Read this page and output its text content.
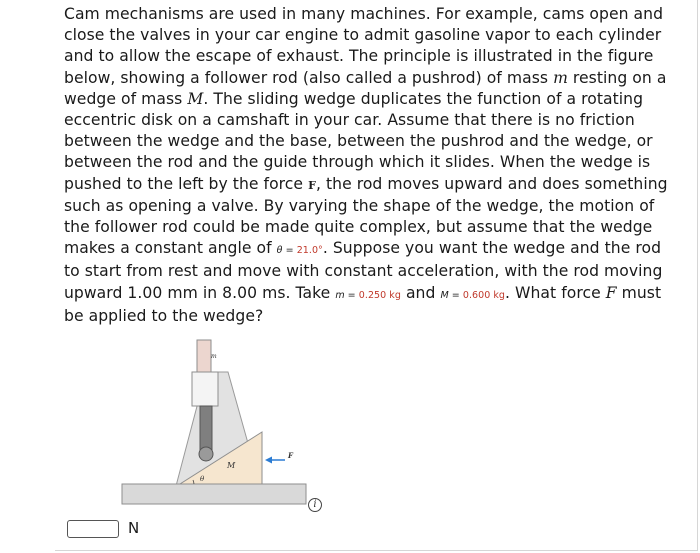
Cam mechanisms are used in many machines. For example, cams open and close the valves in your car engine to admit gasoline vapor to each cylinder and to allow the escape of exhaust. The principle is illustrated in the figure below, showing a follower rod (also called a pushrod) of mass m resting on a wedge of mass M. The sliding wedge duplicates the function of a rotating eccentric disk on a camshaft in your car. Assume that there is no friction between the wedge and the base, between the pushrod and the wedge, or between the rod and the guide through which it slides. When the wedge is pushed to the left by the force F, the rod moves upward and does something such as opening a valve. By varying the shape of the wedge, the motion of the follower rod could be made quite complex, but assume that the wedge makes a constant angle of θ = 21.0°. Suppose you want the wedge and the rod to start from rest and move with constant acceleration, with the rod moving upward 1.00 mm in 8.00 ms. Take m = 0.250 kg and M = 0.600 kg. What force F must be applied to the wedge?

m
M
θ
F
i
N
